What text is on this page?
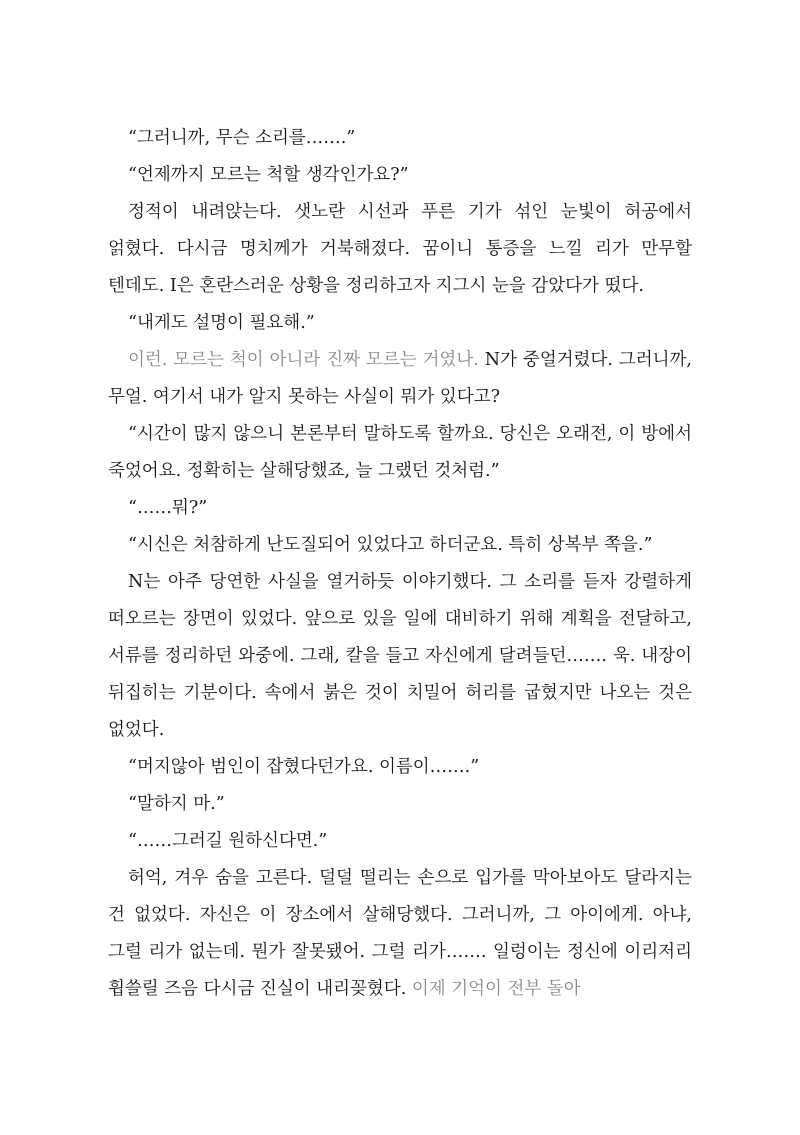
“그러니까, 무슨 소리를…….”

“언제까지 모르는 척할 생각인가요?”

정적이 내려앉는다. 샛노란 시선과 푸른 기가 섞인 눈빛이 허공에서 얽혔다. 다시금 명치께가 거북해졌다. 꿈이니 통증을 느낄 리가 만무할 텐데도. I은 혼란스러운 상황을 정리하고자 지그시 눈을 감았다가 떴다.

“내게도 설명이 필요해.”

이런. 모르는 척이 아니라 진짜 모르는 거였나. N가 중얼거렸다. 그러니까, 무얼. 여기서 내가 알지 못하는 사실이 뭐가 있다고?

“시간이 많지 않으니 본론부터 말하도록 할까요. 당신은 오래전, 이 방에서 죽었어요. 정확히는 살해당했죠, 늘 그랬던 것처럼.”

“……뭐?”

“시신은 처참하게 난도질되어 있었다고 하더군요. 특히 상복부 쪽을.”

N는 아주 당연한 사실을 열거하듯 이야기했다. 그 소리를 듣자 강렬하게 떠오르는 장면이 있었다. 앞으로 있을 일에 대비하기 위해 계획을 전달하고, 서류를 정리하던 와중에. 그래, 칼을 들고 자신에게 달려들던……. 욱. 내장이 뒤집히는 기분이다. 속에서 붉은 것이 치밀어 허리를 굽혔지만 나오는 것은 없었다.

“머지않아 범인이 잡혔다던가요. 이름이…….”

“말하지 마.”

“……그러길 원하신다면.”

허억, 겨우 숨을 고른다. 덜덜 떨리는 손으로 입가를 막아보아도 달라지는 건 없었다. 자신은 이 장소에서 살해당했다. 그러니까, 그 아이에게. 아냐, 그럴 리가 없는데. 뭔가 잘못됐어. 그럴 리가……. 일렁이는 정신에 이리저리 휩쓸릴 즈음 다시금 진실이 내리꽂혔다. 이제 기억이 전부 돌아
